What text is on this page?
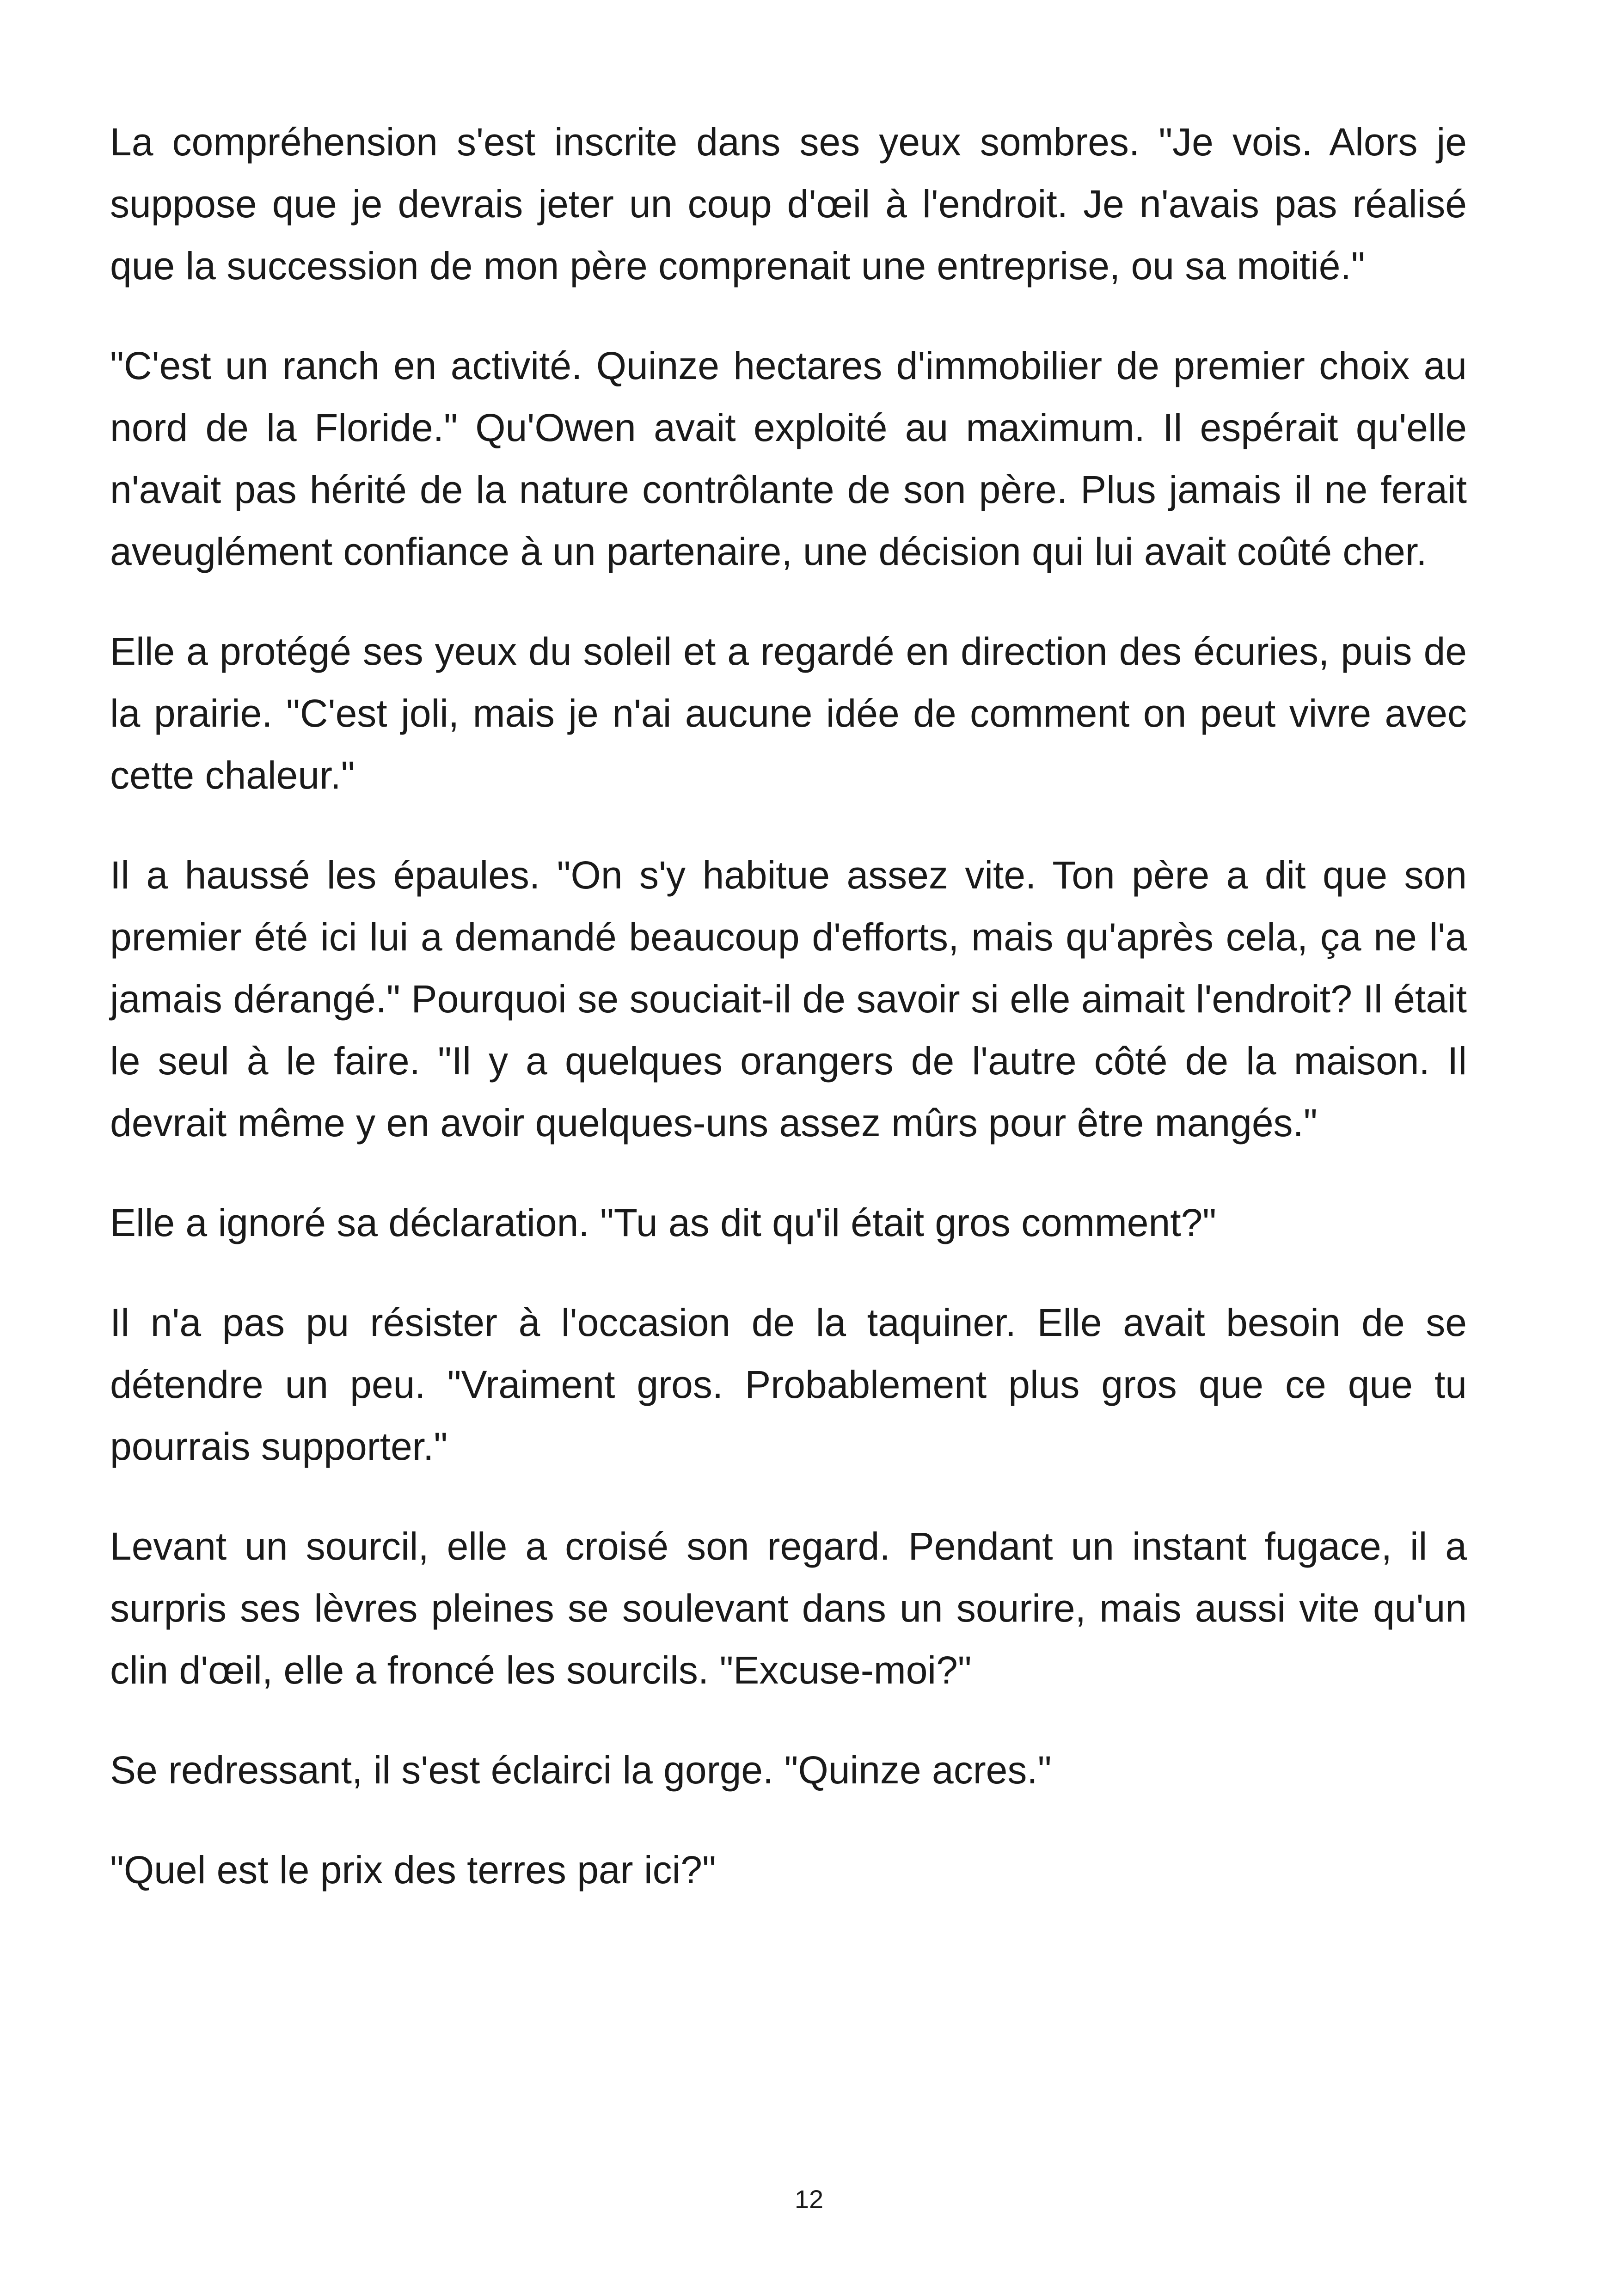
La compréhension s'est inscrite dans ses yeux sombres. "Je vois. Alors je suppose que je devrais jeter un coup d'œil à l'endroit. Je n'avais pas réalisé que la succession de mon père comprenait une entreprise, ou sa moitié."

"C'est un ranch en activité. Quinze hectares d'immobilier de premier choix au nord de la Floride." Qu'Owen avait exploité au maximum. Il espérait qu'elle n'avait pas hérité de la nature contrôlante de son père. Plus jamais il ne ferait aveuglément confiance à un partenaire, une décision qui lui avait coûté cher.

Elle a protégé ses yeux du soleil et a regardé en direction des écuries, puis de la prairie. "C'est joli, mais je n'ai aucune idée de comment on peut vivre avec cette chaleur."

Il a haussé les épaules. "On s'y habitue assez vite. Ton père a dit que son premier été ici lui a demandé beaucoup d'efforts, mais qu'après cela, ça ne l'a jamais dérangé." Pourquoi se souciait-il de savoir si elle aimait l'endroit? Il était le seul à le faire. "Il y a quelques orangers de l'autre côté de la maison. Il devrait même y en avoir quelques-uns assez mûrs pour être mangés."

Elle a ignoré sa déclaration. "Tu as dit qu'il était gros comment?"

Il n'a pas pu résister à l'occasion de la taquiner. Elle avait besoin de se détendre un peu. "Vraiment gros. Probablement plus gros que ce que tu pourrais supporter."

Levant un sourcil, elle a croisé son regard. Pendant un instant fugace, il a surpris ses lèvres pleines se soulevant dans un sourire, mais aussi vite qu'un clin d'œil, elle a froncé les sourcils. "Excuse-moi?"

Se redressant, il s'est éclairci la gorge. "Quinze acres."

"Quel est le prix des terres par ici?"

12
